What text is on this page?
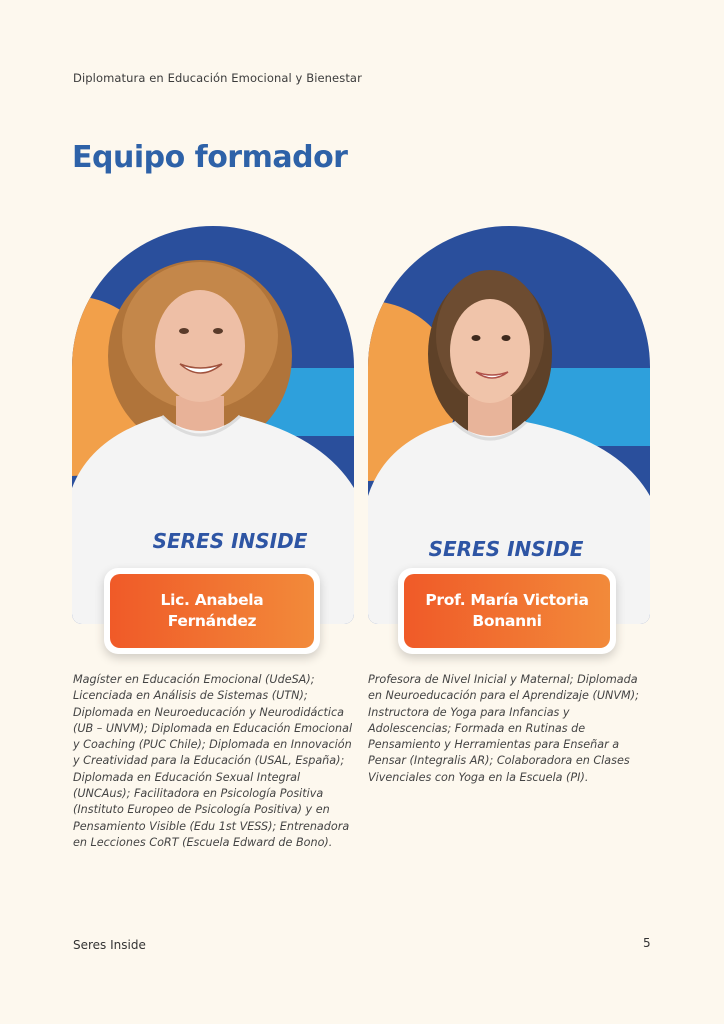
Diplomatura en Educación Emocional y Bienestar
Equipo formador
SERES INSIDE	SERES INSIDE
Lic. Anabela
Fernández
Prof. María Victoria
Bonanni

Magíster en Educación Emocional (UdeSA); Licenciada en Análisis de Sistemas (UTN); Diplomada en Neuroeducación y Neurodidáctica (UB – UNVM); Diplomada en Educación Emocional y Coaching (PUC Chile); Diplomada en Innovación y Creatividad para la Educación (USAL, España); Diplomada en Educación Sexual Integral (UNCAus); Facilitadora en Psicología Positiva (Instituto Europeo de Psicología Positiva) y en Pensamiento Visible (Edu 1st VESS); Entrenadora en Lecciones CoRT (Escuela Edward de Bono).

Profesora de Nivel Inicial y Maternal; Diplomada en Neuroeducación para el Aprendizaje (UNVM); Instructora de Yoga para Infancias y Adolescencias; Formada en Rutinas de Pensamiento y Herramientas para Enseñar a Pensar (Integralis AR); Colaboradora en Clases Vivenciales con Yoga en la Escuela (PI).

Seres Inside	5
